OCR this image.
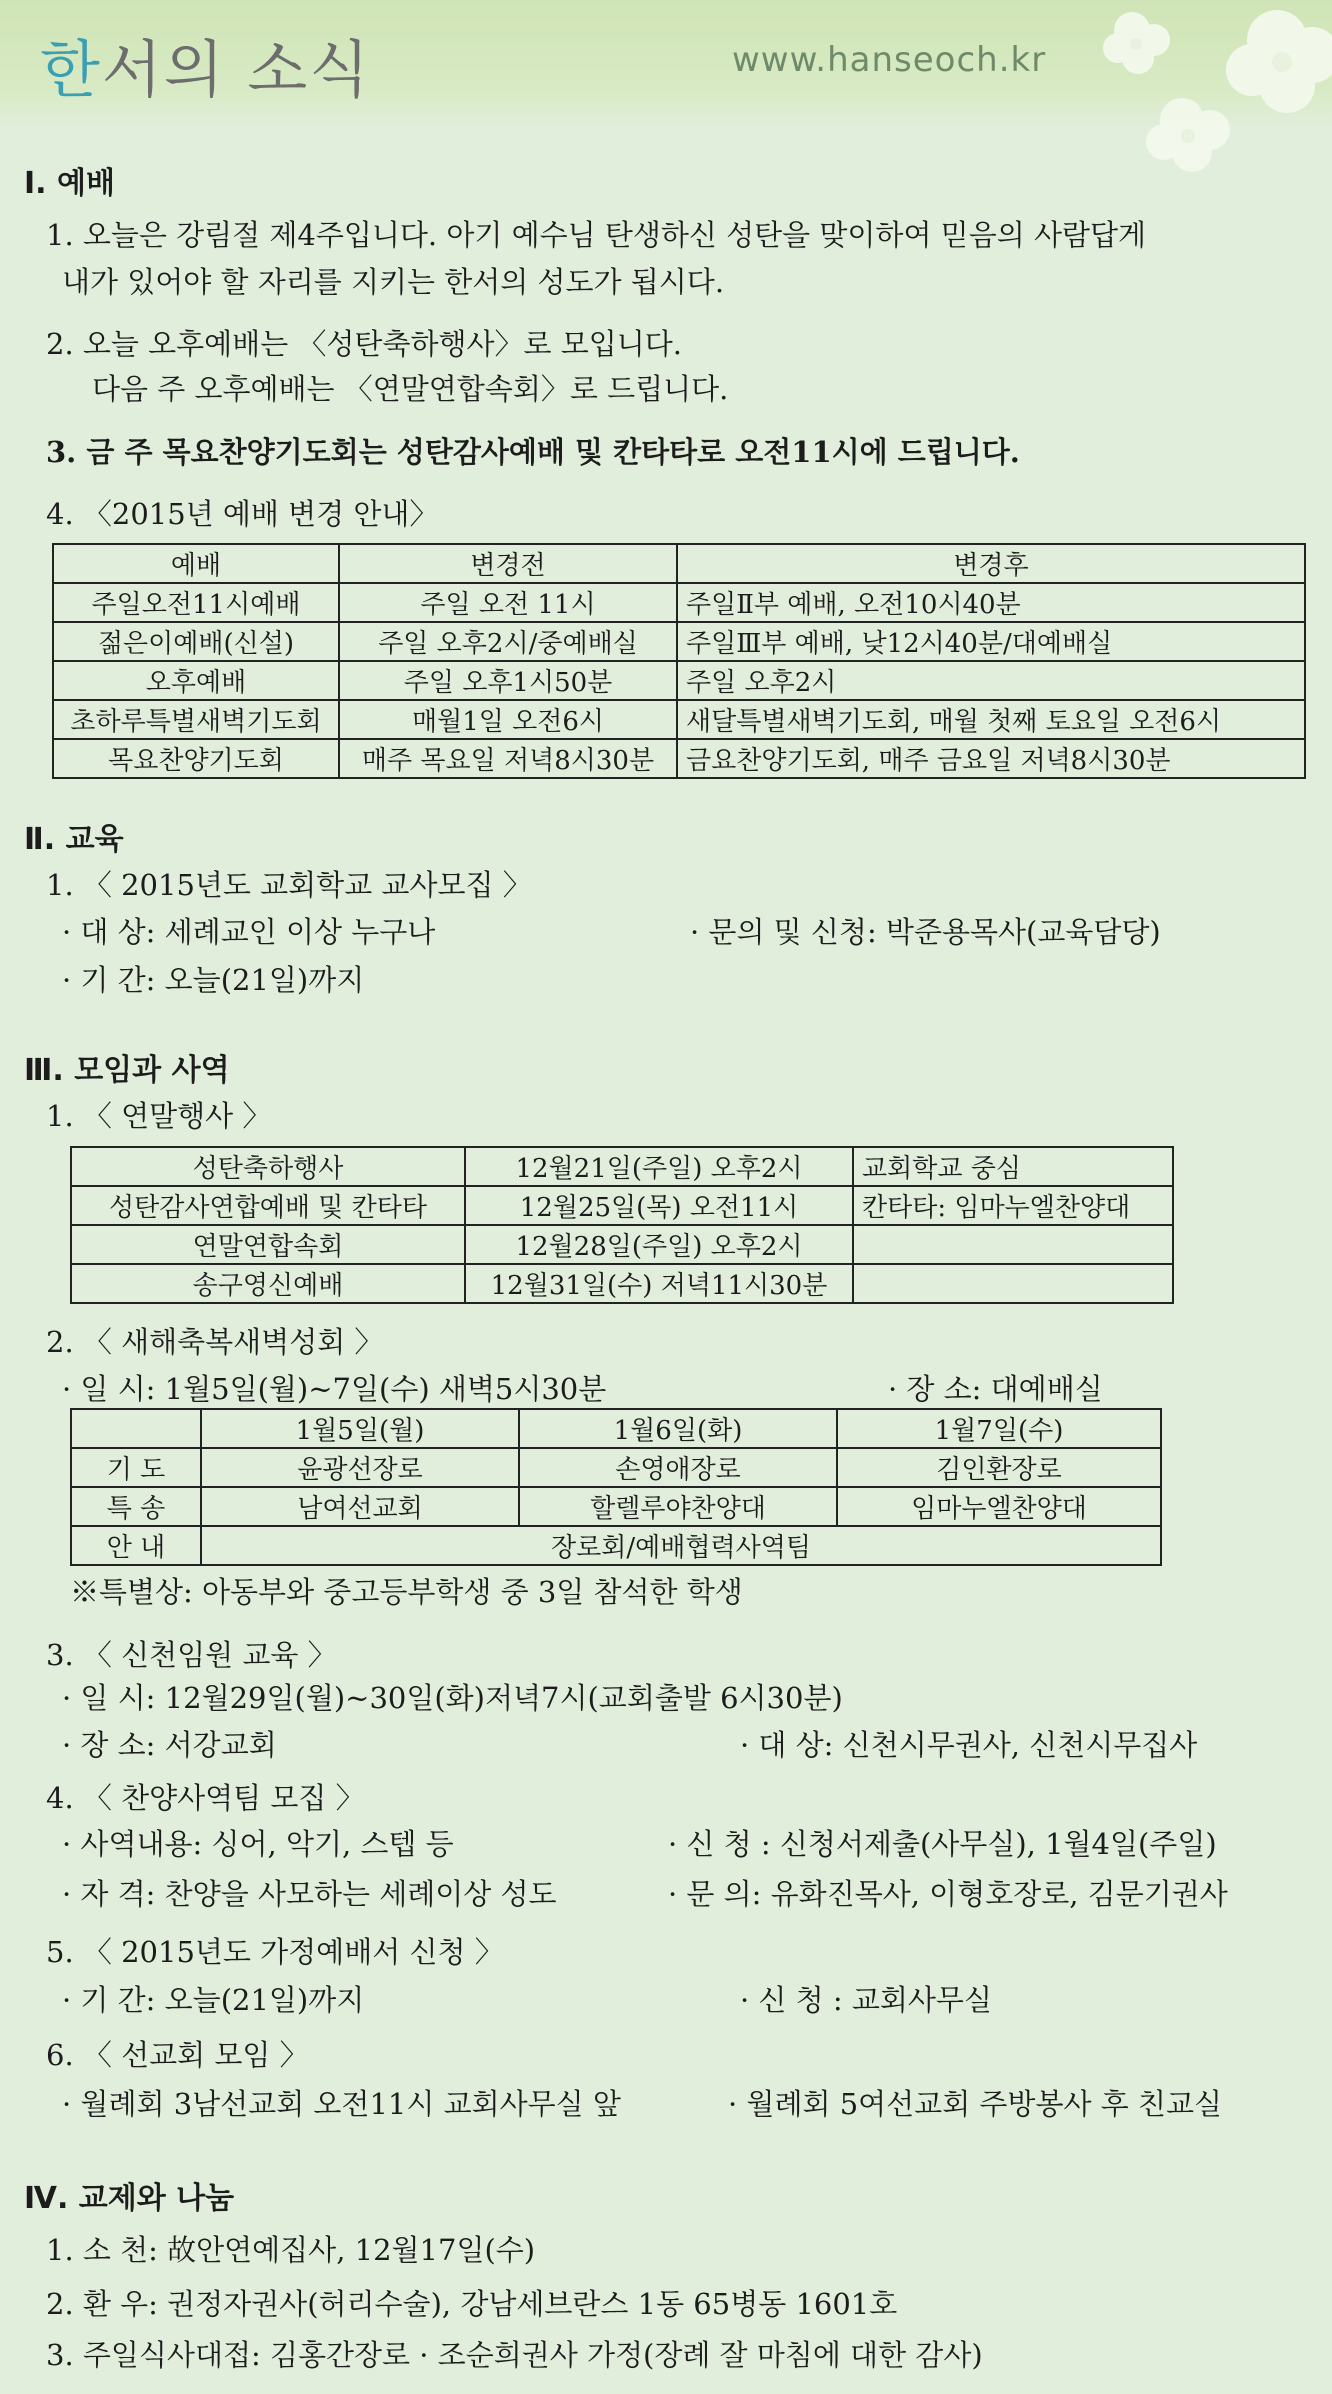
한서의 소식	www.hanseoch.kr
Ⅰ. 예배
1. 오늘은 강림절 제4주입니다. 아기 예수님 탄생하신 성탄을 맞이하여 믿음의 사람답게
내가 있어야 할 자리를 지키는 한서의 성도가 됩시다.
2. 오늘 오후예배는 〈성탄축하행사〉로 모입니다.
다음 주 오후예배는 〈연말연합속회〉로 드립니다.
3. 금 주 목요찬양기도회는 성탄감사예배 및 칸타타로 오전11시에 드립니다.
4. 〈2015년 예배 변경 안내〉
예배	변경전	변경후
주일오전11시예배	주일 오전 11시	주일Ⅱ부 예배, 오전10시40분
젊은이예배(신설)	주일 오후2시/중예배실	주일Ⅲ부 예배, 낮12시40분/대예배실
오후예배	주일 오후1시50분	주일 오후2시
초하루특별새벽기도회	매월1일 오전6시	새달특별새벽기도회, 매월 첫째 토요일 오전6시
목요찬양기도회	매주 목요일 저녁8시30분	금요찬양기도회, 매주 금요일 저녁8시30분
Ⅱ. 교육
1. 〈 2015년도 교회학교 교사모집 〉
· 대 상: 세례교인 이상 누구나	· 문의 및 신청: 박준용목사(교육담당)
· 기 간: 오늘(21일)까지
Ⅲ. 모임과 사역
1. 〈 연말행사 〉
성탄축하행사	12월21일(주일) 오후2시	교회학교 중심
성탄감사연합예배 및 칸타타	12월25일(목) 오전11시	칸타타: 임마누엘찬양대
연말연합속회	12월28일(주일) 오후2시	
송구영신예배	12월31일(수) 저녁11시30분	
2. 〈 새해축복새벽성회 〉
· 일 시: 1월5일(월)~7일(수) 새벽5시30분	· 장 소: 대예배실
	1월5일(월)	1월6일(화)	1월7일(수)
기 도	윤광선장로	손영애장로	김인환장로
특 송	남여선교회	할렐루야찬양대	임마누엘찬양대
안 내	장로회/예배협력사역팀		
※특별상: 아동부와 중고등부학생 중 3일 참석한 학생
3. 〈 신천임원 교육 〉
· 일 시: 12월29일(월)~30일(화)저녁7시(교회출발 6시30분)
· 장 소: 서강교회	· 대 상: 신천시무권사, 신천시무집사
4. 〈 찬양사역팀 모집 〉
· 사역내용: 싱어, 악기, 스텝 등	· 신 청 : 신청서제출(사무실), 1월4일(주일)
· 자 격: 찬양을 사모하는 세례이상 성도	· 문 의: 유화진목사, 이형호장로, 김문기권사
5. 〈 2015년도 가정예배서 신청 〉
· 기 간: 오늘(21일)까지	· 신 청 : 교회사무실
6. 〈 선교회 모임 〉
· 월례회 3남선교회 오전11시 교회사무실 앞	· 월례회 5여선교회 주방봉사 후 친교실
Ⅳ. 교제와 나눔
1. 소 천: 故안연예집사, 12월17일(수)
2. 환 우: 권정자권사(허리수술), 강남세브란스 1동 65병동 1601호
3. 주일식사대접: 김홍간장로 · 조순희권사 가정(장례 잘 마침에 대한 감사)
